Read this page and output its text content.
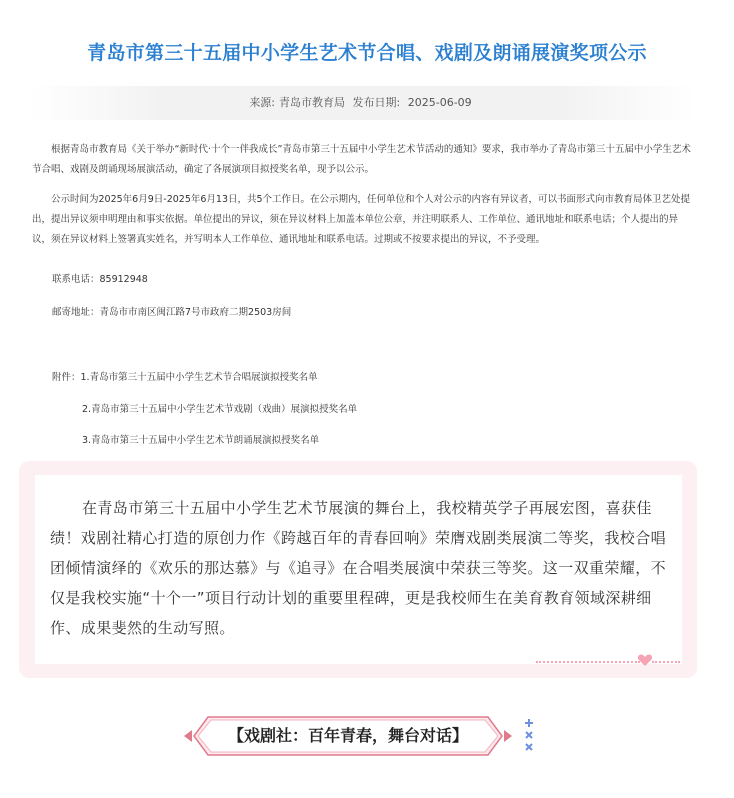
青岛市第三十五届中小学生艺术节合唱、戏剧及朗诵展演奖项公示
来源: 青岛市教育局 发布日期: 2025-06-09

根据青岛市教育局《关于举办“新时代·十个一伴我成长”青岛市第三十五届中小学生艺术节活动的通知》要求，我市举办了青岛市第三十五届中小学生艺术节合唱、戏剧及朗诵现场展演活动，确定了各展演项目拟授奖名单，现予以公示。

公示时间为2025年6月9日-2025年6月13日，共5个工作日。在公示期内，任何单位和个人对公示的内容有异议者，可以书面形式向市教育局体卫艺处提出，提出异议须申明理由和事实依据。单位提出的异议，须在异议材料上加盖本单位公章，并注明联系人、工作单位、通讯地址和联系电话；个人提出的异议，须在异议材料上签署真实姓名，并写明本人工作单位、通讯地址和联系电话。过期或不按要求提出的异议，不予受理。

联系电话：85912948
邮寄地址：青岛市市南区闽江路7号市政府二期2503房间
附件：1.青岛市第三十五届中小学生艺术节合唱展演拟授奖名单
2.青岛市第三十五届中小学生艺术节戏剧（戏曲）展演拟授奖名单
3.青岛市第三十五届中小学生艺术节朗诵展演拟授奖名单
在青岛市第三十五届中小学生艺术节展演的舞台上，我校精英学子再展宏图，喜获佳绩！戏剧社精心打造的原创力作《跨越百年的青春回响》荣膺戏剧类展演二等奖，我校合唱团倾情演绎的《欢乐的那达慕》与《追寻》在合唱类展演中荣获三等奖。这一双重荣耀，不仅是我校实施“十个一”项目行动计划的重要里程碑，更是我校师生在美育教育领域深耕细作、成果斐然的生动写照。
【戏剧社：百年青春，舞台对话】
